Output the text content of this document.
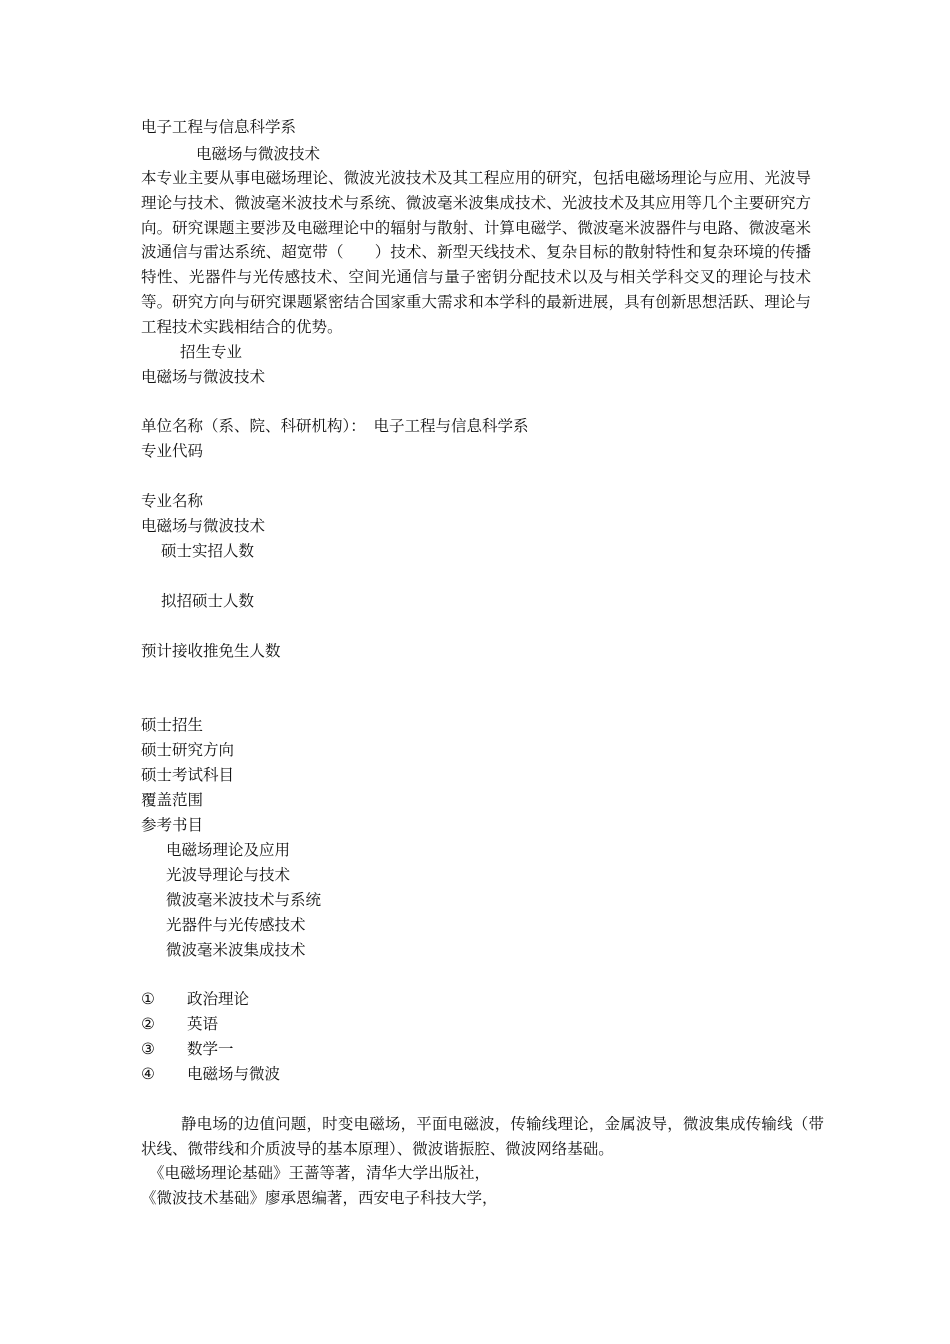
电子工程与信息科学系
电磁场与微波技术
本专业主要从事电磁场理论、微波光波技术及其工程应用的研究，包括电磁场理论与应用、光波导理论与技术、微波毫米波技术与系统、微波毫米波集成技术、光波技术及其应用等几个主要研究方向。研究课题主要涉及电磁理论中的辐射与散射、计算电磁学、微波毫米波器件与电路、微波毫米波通信与雷达系统、超宽带（　　）技术、新型天线技术、复杂目标的散射特性和复杂环境的传播特性、光器件与光传感技术、空间光通信与量子密钥分配技术以及与相关学科交叉的理论与技术等。研究方向与研究课题紧密结合国家重大需求和本学科的最新进展，具有创新思想活跃、理论与工程技术实践相结合的优势。
招生专业
电磁场与微波技术
单位名称（系、院、科研机构）：　电子工程与信息科学系
专业代码
专业名称
电磁场与微波技术
硕士实招人数
拟招硕士人数
预计接收推免生人数
硕士招生
硕士研究方向
硕士考试科目
覆盖范围
参考书目
电磁场理论及应用
光波导理论与技术
微波毫米波技术与系统
光器件与光传感技术
微波毫米波集成技术
① 政治理论
② 英语
③ 数学一
④ 电磁场与微波
静电场的边值问题，时变电磁场，平面电磁波，传输线理论，金属波导，微波集成传输线（带状线、微带线和介质波导的基本原理）、微波谐振腔、微波网络基础。
《电磁场理论基础》王蔷等著，清华大学出版社，
《微波技术基础》廖承恩编著，西安电子科技大学，
